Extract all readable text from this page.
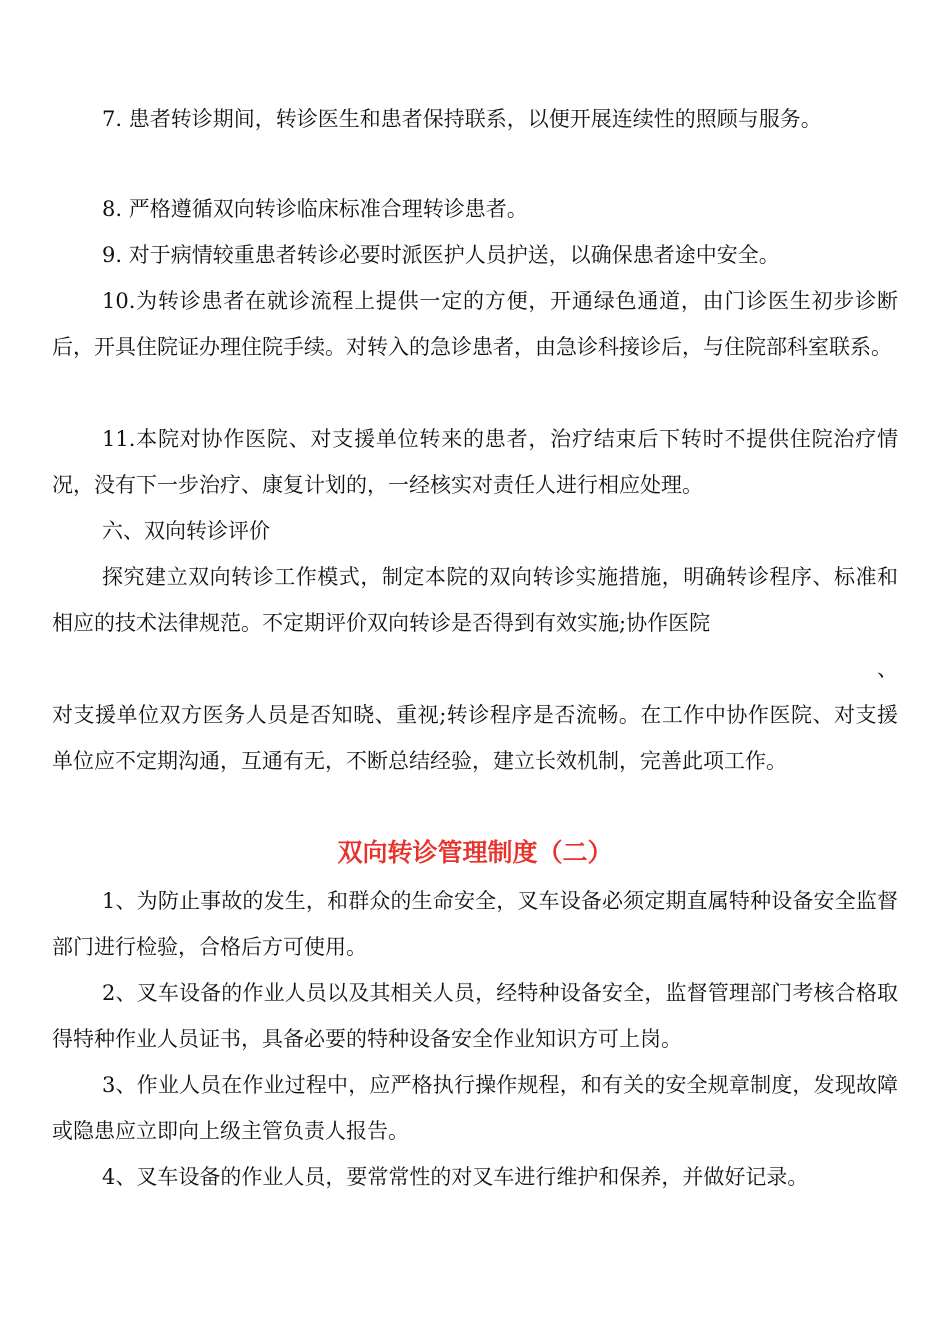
7. 患者转诊期间，转诊医生和患者保持联系，以便开展连续性的照顾与服务。

8. 严格遵循双向转诊临床标准合理转诊患者。

9. 对于病情较重患者转诊必要时派医护人员护送，以确保患者途中安全。

10.为转诊患者在就诊流程上提供一定的方便，开通绿色通道，由门诊医生初步诊断后，开具住院证办理住院手续。对转入的急诊患者，由急诊科接诊后，与住院部科室联系。

11.本院对协作医院、对支援单位转来的患者，治疗结束后下转时不提供住院治疗情况，没有下一步治疗、康复计划的，一经核实对责任人进行相应处理。

六、双向转诊评价

探究建立双向转诊工作模式，制定本院的双向转诊实施措施，明确转诊程序、标准和相应的技术法律规范。不定期评价双向转诊是否得到有效实施;协作医院

、

对支援单位双方医务人员是否知晓、重视;转诊程序是否流畅。在工作中协作医院、对支援单位应不定期沟通，互通有无，不断总结经验，建立长效机制，完善此项工作。

双向转诊管理制度（二）

1、为防止事故的发生，和群众的生命安全，叉车设备必须定期直属特种设备安全监督部门进行检验，合格后方可使用。

2、叉车设备的作业人员以及其相关人员，经特种设备安全，监督管理部门考核合格取得特种作业人员证书，具备必要的特种设备安全作业知识方可上岗。

3、作业人员在作业过程中，应严格执行操作规程，和有关的安全规章制度，发现故障或隐患应立即向上级主管负责人报告。

4、叉车设备的作业人员，要常常性的对叉车进行维护和保养，并做好记录。
